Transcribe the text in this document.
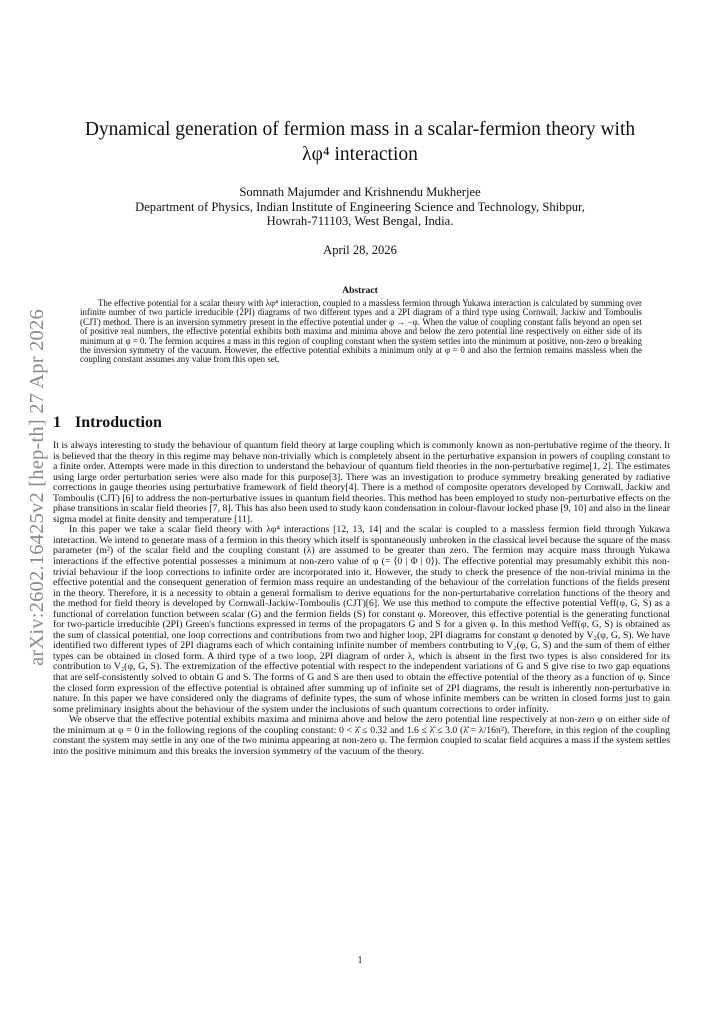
arXiv:2602.16425v2 [hep-th] 27 Apr 2026
Dynamical generation of fermion mass in a scalar-fermion theory with
λφ⁴ interaction
Somnath Majumder and Krishnendu Mukherjee
Department of Physics, Indian Institute of Engineering Science and Technology, Shibpur,
Howrah-711103, West Bengal, India.
April 28, 2026
Abstract

The effective potential for a scalar theory with λφ⁴ interaction, coupled to a massless fermion through Yukawa interaction is calculated by summing over infinite number of two particle irreducible (2PI) diagrams of two different types and a 2PI diagram of a third type using Cornwall, Jackiw and Tomboulis (CJT) method. There is an inversion symmetry present in the effective potential under φ → −φ. When the value of coupling constant falls beyond an open set of positive real numbers, the effective potential exhibits both maxima and minima above and below the zero potential line respectively on either side of its minimum at φ = 0. The fermion acquires a mass in this region of coupling constant when the system settles into the minimum at positive, non-zero φ breaking the inversion symmetry of the vacuum. However, the effective potential exhibits a minimum only at φ = 0 and also the fermion remains massless when the coupling constant assumes any value from this open set.

1 Introduction

It is always interesting to study the behaviour of quantum field theory at large coupling which is commonly known as non-pertubative regime of the theory. It is believed that the theory in this regime may behave non-trivially which is completely absent in the perturbative expansion in powers of coupling constant to a finite order. Attempts were made in this direction to understand the behaviour of quantum field theories in the non-perturbative regime[1, 2]. The estimates using large order perturbation series were also made for this purpose[3]. There was an investigation to produce symmetry breaking generated by radiative corrections in gauge theories using perturbative framework of field theory[4]. There is a method of composite operators developed by Cornwall, Jackiw and Tomboulis (CJT) [6] to address the non-perturbative issues in quantum field theories. This method has been employed to study non-perturbative effects on the phase transitions in scalar field theories [7, 8]. This has also been used to study kaon condensation in colour-flavour locked phase [9, 10] and also in the linear sigma model at finite density and temperature [11].

In this paper we take a scalar field theory with λφ⁴ interactions [12, 13, 14] and the scalar is coupled to a massless fermion field through Yukawa interaction. We intend to generate mass of a fermion in this theory which itself is spontaneously unbroken in the classical level because the square of the mass parameter (m²) of the scalar field and the coupling constant (λ) are assumed to be greater than zero. The fermion may acquire mass through Yukawa interactions if the effective potential possesses a minimum at non-zero value of φ (= ⟨0 | Φ | 0⟩). The effective potential may presumably exhibit this non-trivial behaviour if the loop corrections to infinite order are incorporated into it. However, the study to check the presence of the non-trivial minima in the effective potential and the consequent generation of fermion mass require an undestanding of the behaviour of the correlation functions of the fields present in the theory. Therefore, it is a necessity to obtain a general formalism to derive equations for the non-perturtabative correlation functions of the theory and the method for field theory is developed by Cornwall-Jackiw-Tomboulis (CJT)[6]. We use this method to compute the effective potential Veff(φ, G, S) as a functional of correlation function between scalar (G) and the fermion fields (S) for constant φ. Moreover, this effective potential is the generating functional for two-particle irreducible (2PI) Green's functions expressed in terms of the propagators G and S for a given φ. In this method Veff(φ, G, S) is obtained as the sum of classical potential, one loop corrections and contributions from two and higher loop, 2PI diagrams for constant φ denoted by V₂(φ, G, S). We have identified two different types of 2PI diagrams each of which containing infinite number of members contrbuting to V₂(φ, G, S) and the sum of them of either types can be obtained in closed form. A third type of a two loop, 2PI diagram of order λ, which is absent in the first two types is also considered for its contribution to V₂(φ, G, S). The extremization of the effective potential with respect to the independent variations of G and S give rise to two gap equations that are self-consistently solved to obtain G and S. The forms of G and S are then used to obtain the effective potential of the theory as a function of φ. Since the closed form expression of the effective potential is obtained after summing up of infinite set of 2PI diagrams, the result is inherently non-perturbative in nature. In this paper we have considered only the diagrams of definite types, the sum of whose infinite members can be written in closed forms just to gain some preliminary insights about the behaviour of the system under the inclusions of such quantum corrections to order infinity.

We observe that the effective potential exhibits maxima and minima above and below the zero potential line respectively at non-zero φ on either side of the minimum at φ = 0 in the following regions of the coupling constant: 0 < λ̂ ≤ 0.32 and 1.6 ≤ λ̂ ≤ 3.0 (λ̂ = λ/16π²). Therefore, in this region of the coupling constant the system may settle in any one of the two minima appearing at non-zero φ. The fermion coupled to scalar field acquires a mass if the system settles into the positive minimum and this breaks the inversion symmetry of the vacuum of the theory.

1
